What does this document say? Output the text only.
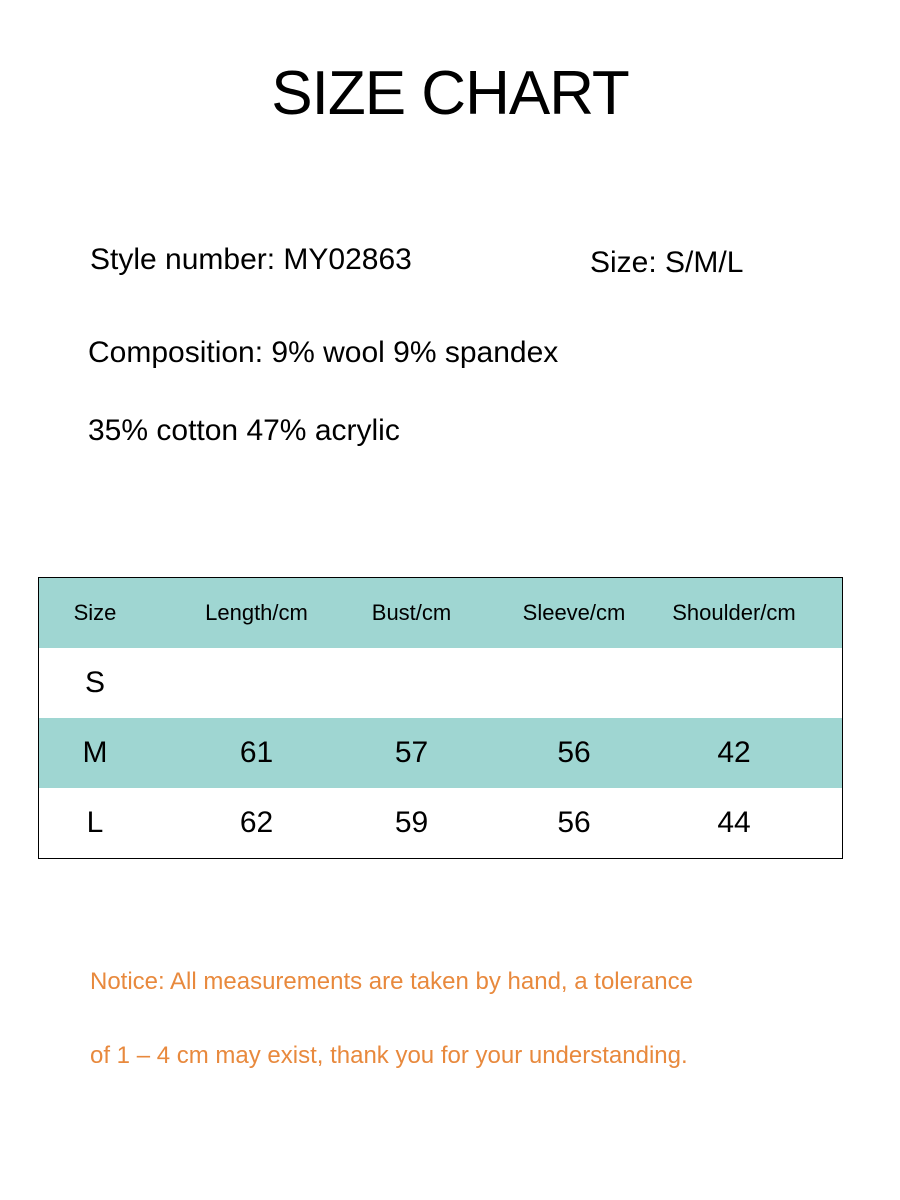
SIZE CHART
Style number: MY02863	Size: S/M/L
Composition: 9% wool 9% spandex
35% cotton 47% acrylic
Size	Length/cm	Bust/cm	Sleeve/cm	Shoulder/cm
S
M	61	57	56	42
L	62	59	56	44
Notice: All measurements are taken by hand, a tolerance
of 1 – 4 cm may exist, thank you for your understanding.
